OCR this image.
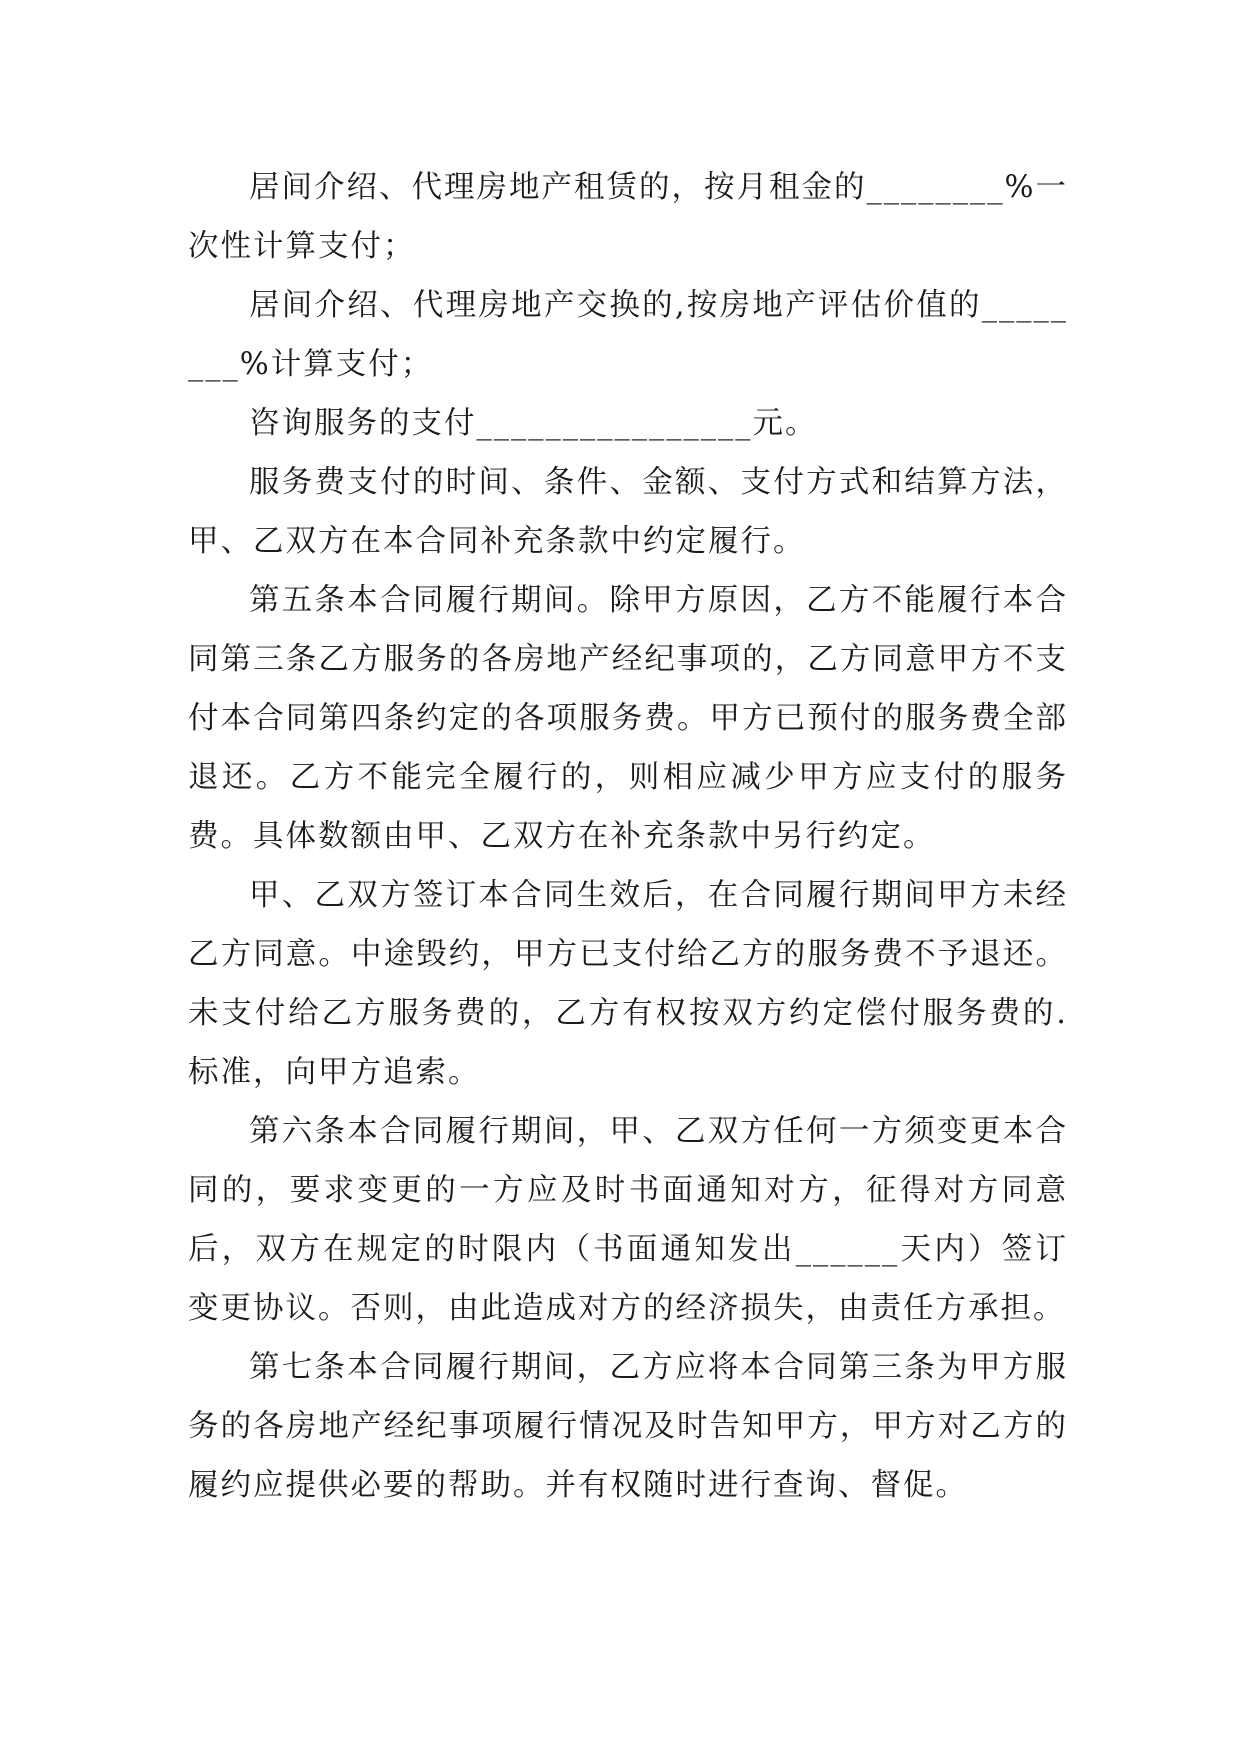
居间介绍、代理房地产租赁的，按月租金的________%一次性计算支付；

居间介绍、代理房地产交换的,按房地产评估价值的________%计算支付；

咨询服务的支付________________元。

服务费支付的时间、条件、金额、支付方式和结算方法，甲、乙双方在本合同补充条款中约定履行。

第五条本合同履行期间。除甲方原因，乙方不能履行本合同第三条乙方服务的各房地产经纪事项的，乙方同意甲方不支付本合同第四条约定的各项服务费。甲方已预付的服务费全部退还。乙方不能完全履行的，则相应减少甲方应支付的服务费。具体数额由甲、乙双方在补充条款中另行约定。

甲、乙双方签订本合同生效后，在合同履行期间甲方未经乙方同意。中途毁约，甲方已支付给乙方的服务费不予退还。未支付给乙方服务费的，乙方有权按双方约定偿付服务费的.标准，向甲方追索。

第六条本合同履行期间，甲、乙双方任何一方须变更本合同的，要求变更的一方应及时书面通知对方，征得对方同意后，双方在规定的时限内（书面通知发出______天内）签订变更协议。否则，由此造成对方的经济损失，由责任方承担。

第七条本合同履行期间，乙方应将本合同第三条为甲方服务的各房地产经纪事项履行情况及时告知甲方，甲方对乙方的履约应提供必要的帮助。并有权随时进行查询、督促。
